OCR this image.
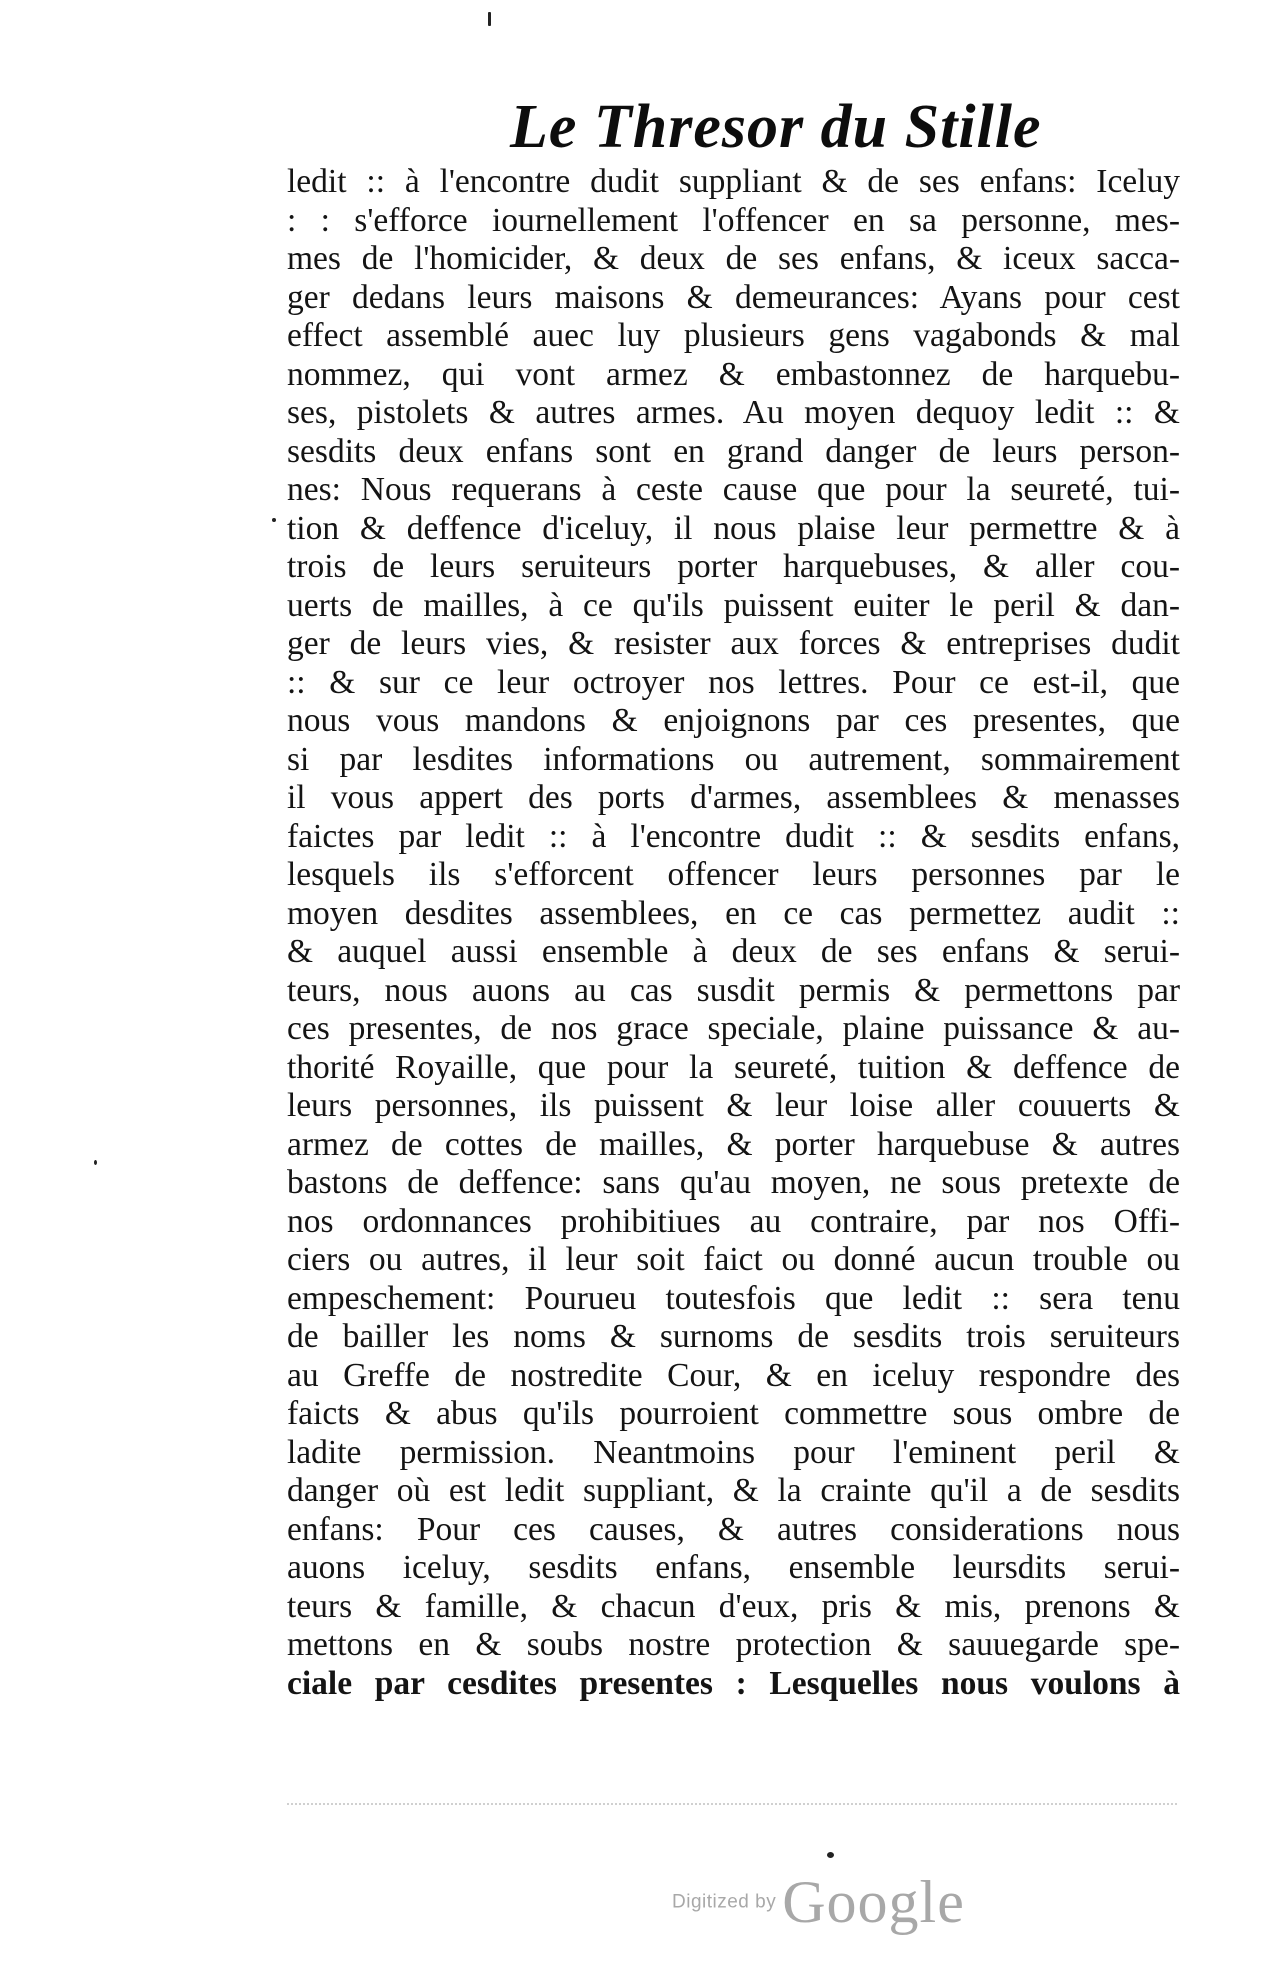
Le Thresor du Stille
ledit :: à l'encontre dudit suppliant & de ses enfans: Iceluy
: : s'efforce iournellement l'offencer en sa personne, mes-
mes de l'homicider, & deux de ses enfans, & iceux sacca-
ger dedans leurs maisons & demeurances: Ayans pour cest
effect assemblé auec luy plusieurs gens vagabonds & mal
nommez, qui vont armez & embastonnez de harquebu-
ses, pistolets & autres armes. Au moyen dequoy ledit :: &
sesdits deux enfans sont en grand danger de leurs person-
nes: Nous requerans à ceste cause que pour la seureté, tui-
tion & deffence d'iceluy, il nous plaise leur permettre & à
trois de leurs seruiteurs porter harquebuses, & aller cou-
uerts de mailles, à ce qu'ils puissent euiter le peril & dan-
ger de leurs vies, & resister aux forces & entreprises dudit
:: & sur ce leur octroyer nos lettres. Pour ce est-il, que
nous vous mandons & enjoignons par ces presentes, que
si par lesdites informations ou autrement, sommairement
il vous appert des ports d'armes, assemblees & menasses
faictes par ledit :: à l'encontre dudit :: & sesdits enfans,
lesquels ils s'efforcent offencer leurs personnes par le
moyen desdites assemblees, en ce cas permettez audit ::
& auquel aussi ensemble à deux de ses enfans & serui-
teurs, nous auons au cas susdit permis & permettons par
ces presentes, de nos grace speciale, plaine puissance & au-
thorité Royaille, que pour la seureté, tuition & deffence de
leurs personnes, ils puissent & leur loise aller couuerts &
armez de cottes de mailles, & porter harquebuse & autres
bastons de deffence: sans qu'au moyen, ne sous pretexte de
nos ordonnances prohibitiues au contraire, par nos Offi-
ciers ou autres, il leur soit faict ou donné aucun trouble ou
empeschement: Pourueu toutesfois que ledit :: sera tenu
de bailler les noms & surnoms de sesdits trois seruiteurs
au Greffe de nostredite Cour, & en iceluy respondre des
faicts & abus qu'ils pourroient commettre sous ombre de
ladite permission. Neantmoins pour l'eminent peril &
danger où est ledit suppliant, & la crainte qu'il a de sesdits
enfans: Pour ces causes, & autres considerations nous
auons iceluy, sesdits enfans, ensemble leursdits serui-
teurs & famille, & chacun d'eux, pris & mis, prenons &
mettons en & soubs nostre protection & sauuegarde spe-
ciale par cesdites presentes : Lesquelles nous voulons à
Digitized by Google
